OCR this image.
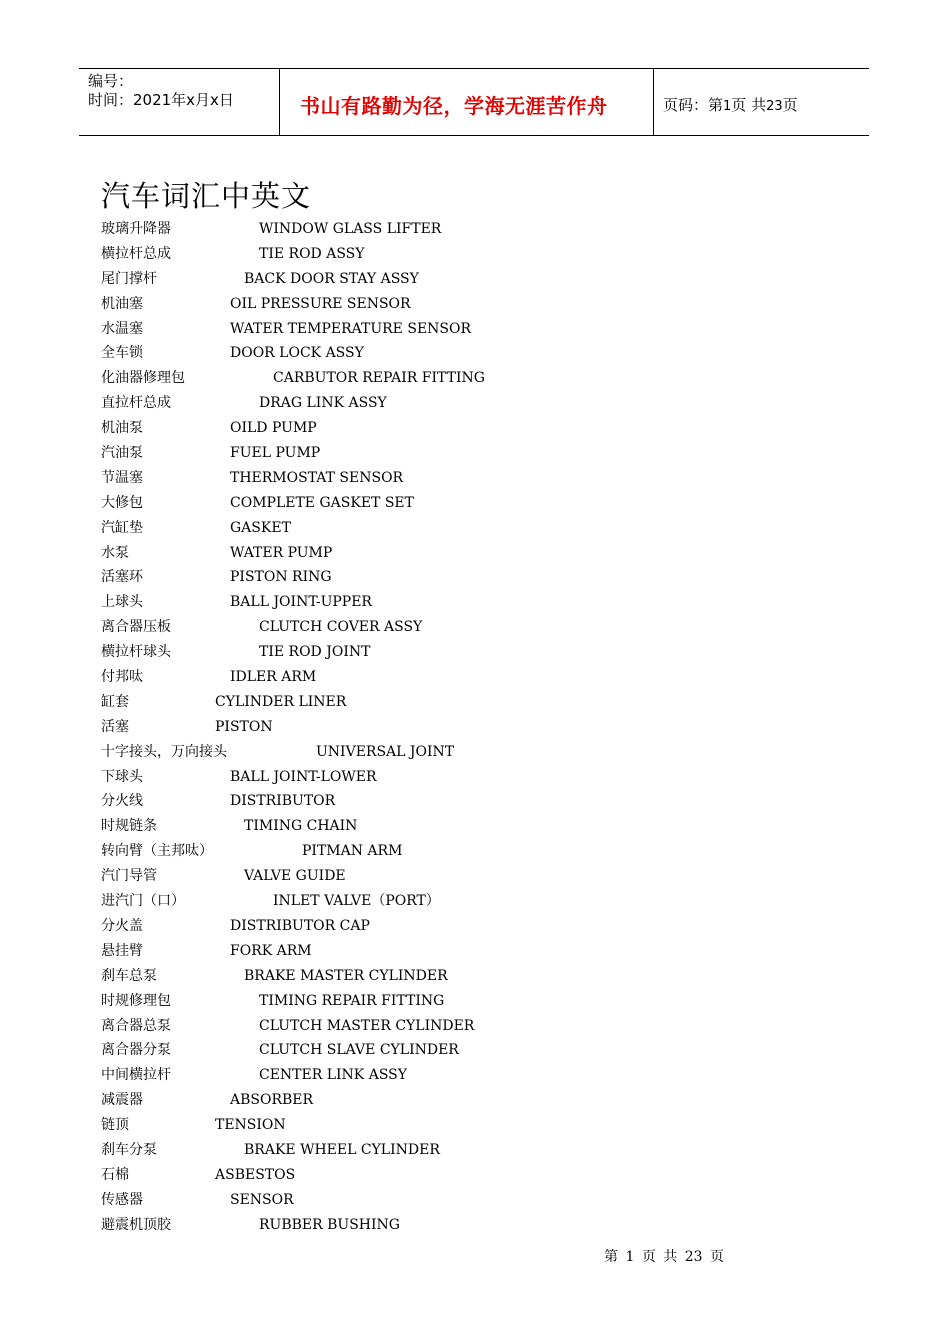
编号：
时间：2021年x月x日	书山有路勤为径，学海无涯苦作舟	页码：第1页 共23页
汽车词汇中英文
玻璃升降器	WINDOW GLASS LIFTER
横拉杆总成	TIE ROD ASSY
尾门撑杆	BACK DOOR STAY ASSY
机油塞	OIL PRESSURE SENSOR
水温塞	WATER TEMPERATURE SENSOR
全车锁	DOOR LOCK ASSY
化油器修理包	CARBUTOR REPAIR FITTING
直拉杆总成	DRAG LINK ASSY
机油泵	OILD PUMP
汽油泵	FUEL PUMP
节温塞	THERMOSTAT SENSOR
大修包	COMPLETE GASKET SET
汽缸垫	GASKET
水泵	WATER PUMP
活塞环	PISTON RING
上球头	BALL JOINT-UPPER
离合器压板	CLUTCH COVER ASSY
横拉杆球头	TIE ROD JOINT
付邦呔	IDLER ARM
缸套	CYLINDER LINER
活塞	PISTON
十字接头，万向接头	UNIVERSAL JOINT
下球头	BALL JOINT-LOWER
分火线	DISTRIBUTOR
时规链条	TIMING CHAIN
转向臂（主邦呔）	PITMAN ARM
汽门导管	VALVE GUIDE
进汽门（口）	INLET VALVE（PORT）
分火盖	DISTRIBUTOR CAP
悬挂臂	FORK ARM
刹车总泵	BRAKE MASTER CYLINDER
时规修理包	TIMING REPAIR FITTING
离合器总泵	CLUTCH MASTER CYLINDER
离合器分泵	CLUTCH SLAVE CYLINDER
中间横拉杆	CENTER LINK ASSY
减震器	ABSORBER
链顶	TENSION
刹车分泵	BRAKE WHEEL CYLINDER
石棉	ASBESTOS
传感器	SENSOR
避震机顶胶	RUBBER BUSHING
第 1 页 共 23 页
